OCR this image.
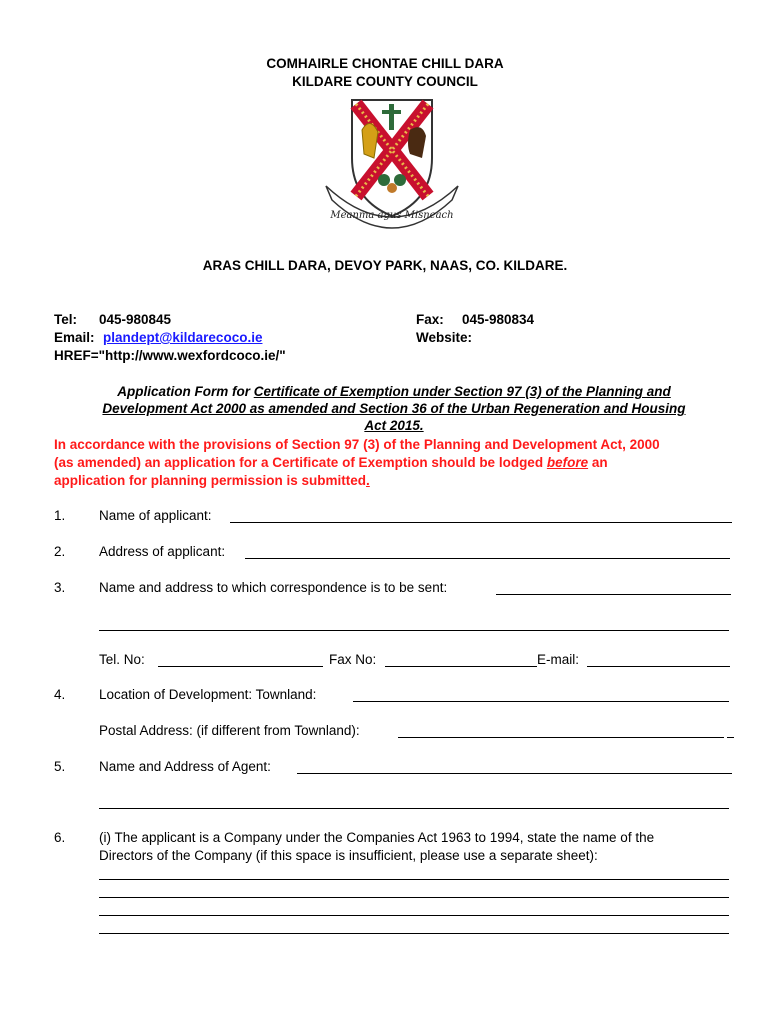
COMHAIRLE CHONTAE CHILL DARA
KILDARE COUNTY COUNCIL
Meanma agus Misneach
ARAS CHILL DARA, DEVOY PARK, NAAS, CO. KILDARE.
Tel: 045-980845
Email: plandept@kildarecoco.ie
HREF="http://www.wexfordcoco.ie/"
Fax: 045-980834
Website:
Application Form for Certificate of Exemption under Section 97 (3) of the Planning and
Development Act 2000 as amended and Section 36 of the Urban Regeneration and Housing
Act 2015.
In accordance with the provisions of Section 97 (3) of the Planning and Development Act, 2000
(as amended) an application for a Certificate of Exemption should be lodged before an
application for planning permission is submitted.
1. Name of applicant:
2. Address of applicant:
3. Name and address to which correspondence is to be sent:
Tel. No:	Fax No:	E-mail:
4. Location of Development: Townland:
Postal Address: (if different from Townland):
5. Name and Address of Agent:
6. (i) The applicant is a Company under the Companies Act 1963 to 1994, state the name of the
Directors of the Company (if this space is insufficient, please use a separate sheet):
